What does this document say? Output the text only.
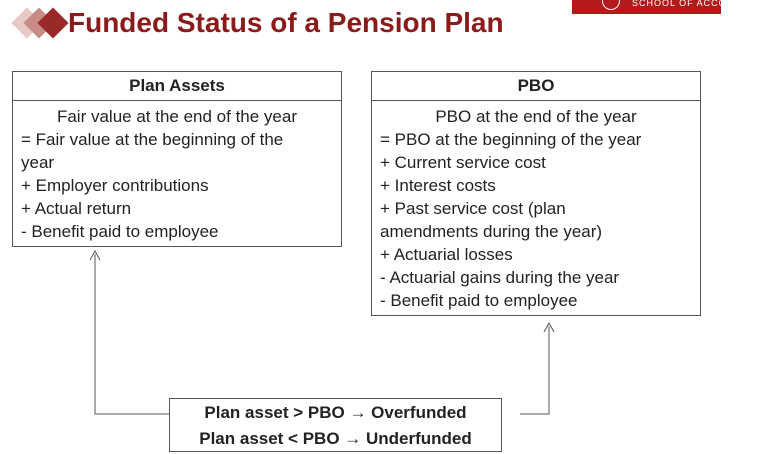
Funded Status of a Pension Plan
SCHOOL OF ACCOUNTANCY
Plan Assets
Fair value at the end of the year
= Fair value at the beginning of the
year
+ Employer contributions
+ Actual return
- Benefit paid to employee
PBO
PBO at the end of the year
= PBO at the beginning of the year
+ Current service cost
+ Interest costs
+ Past service cost (plan
amendments during the year)
+ Actuarial losses
- Actuarial gains during the year
- Benefit paid to employee
Plan asset > PBO → Overfunded
Plan asset < PBO → Underfunded
